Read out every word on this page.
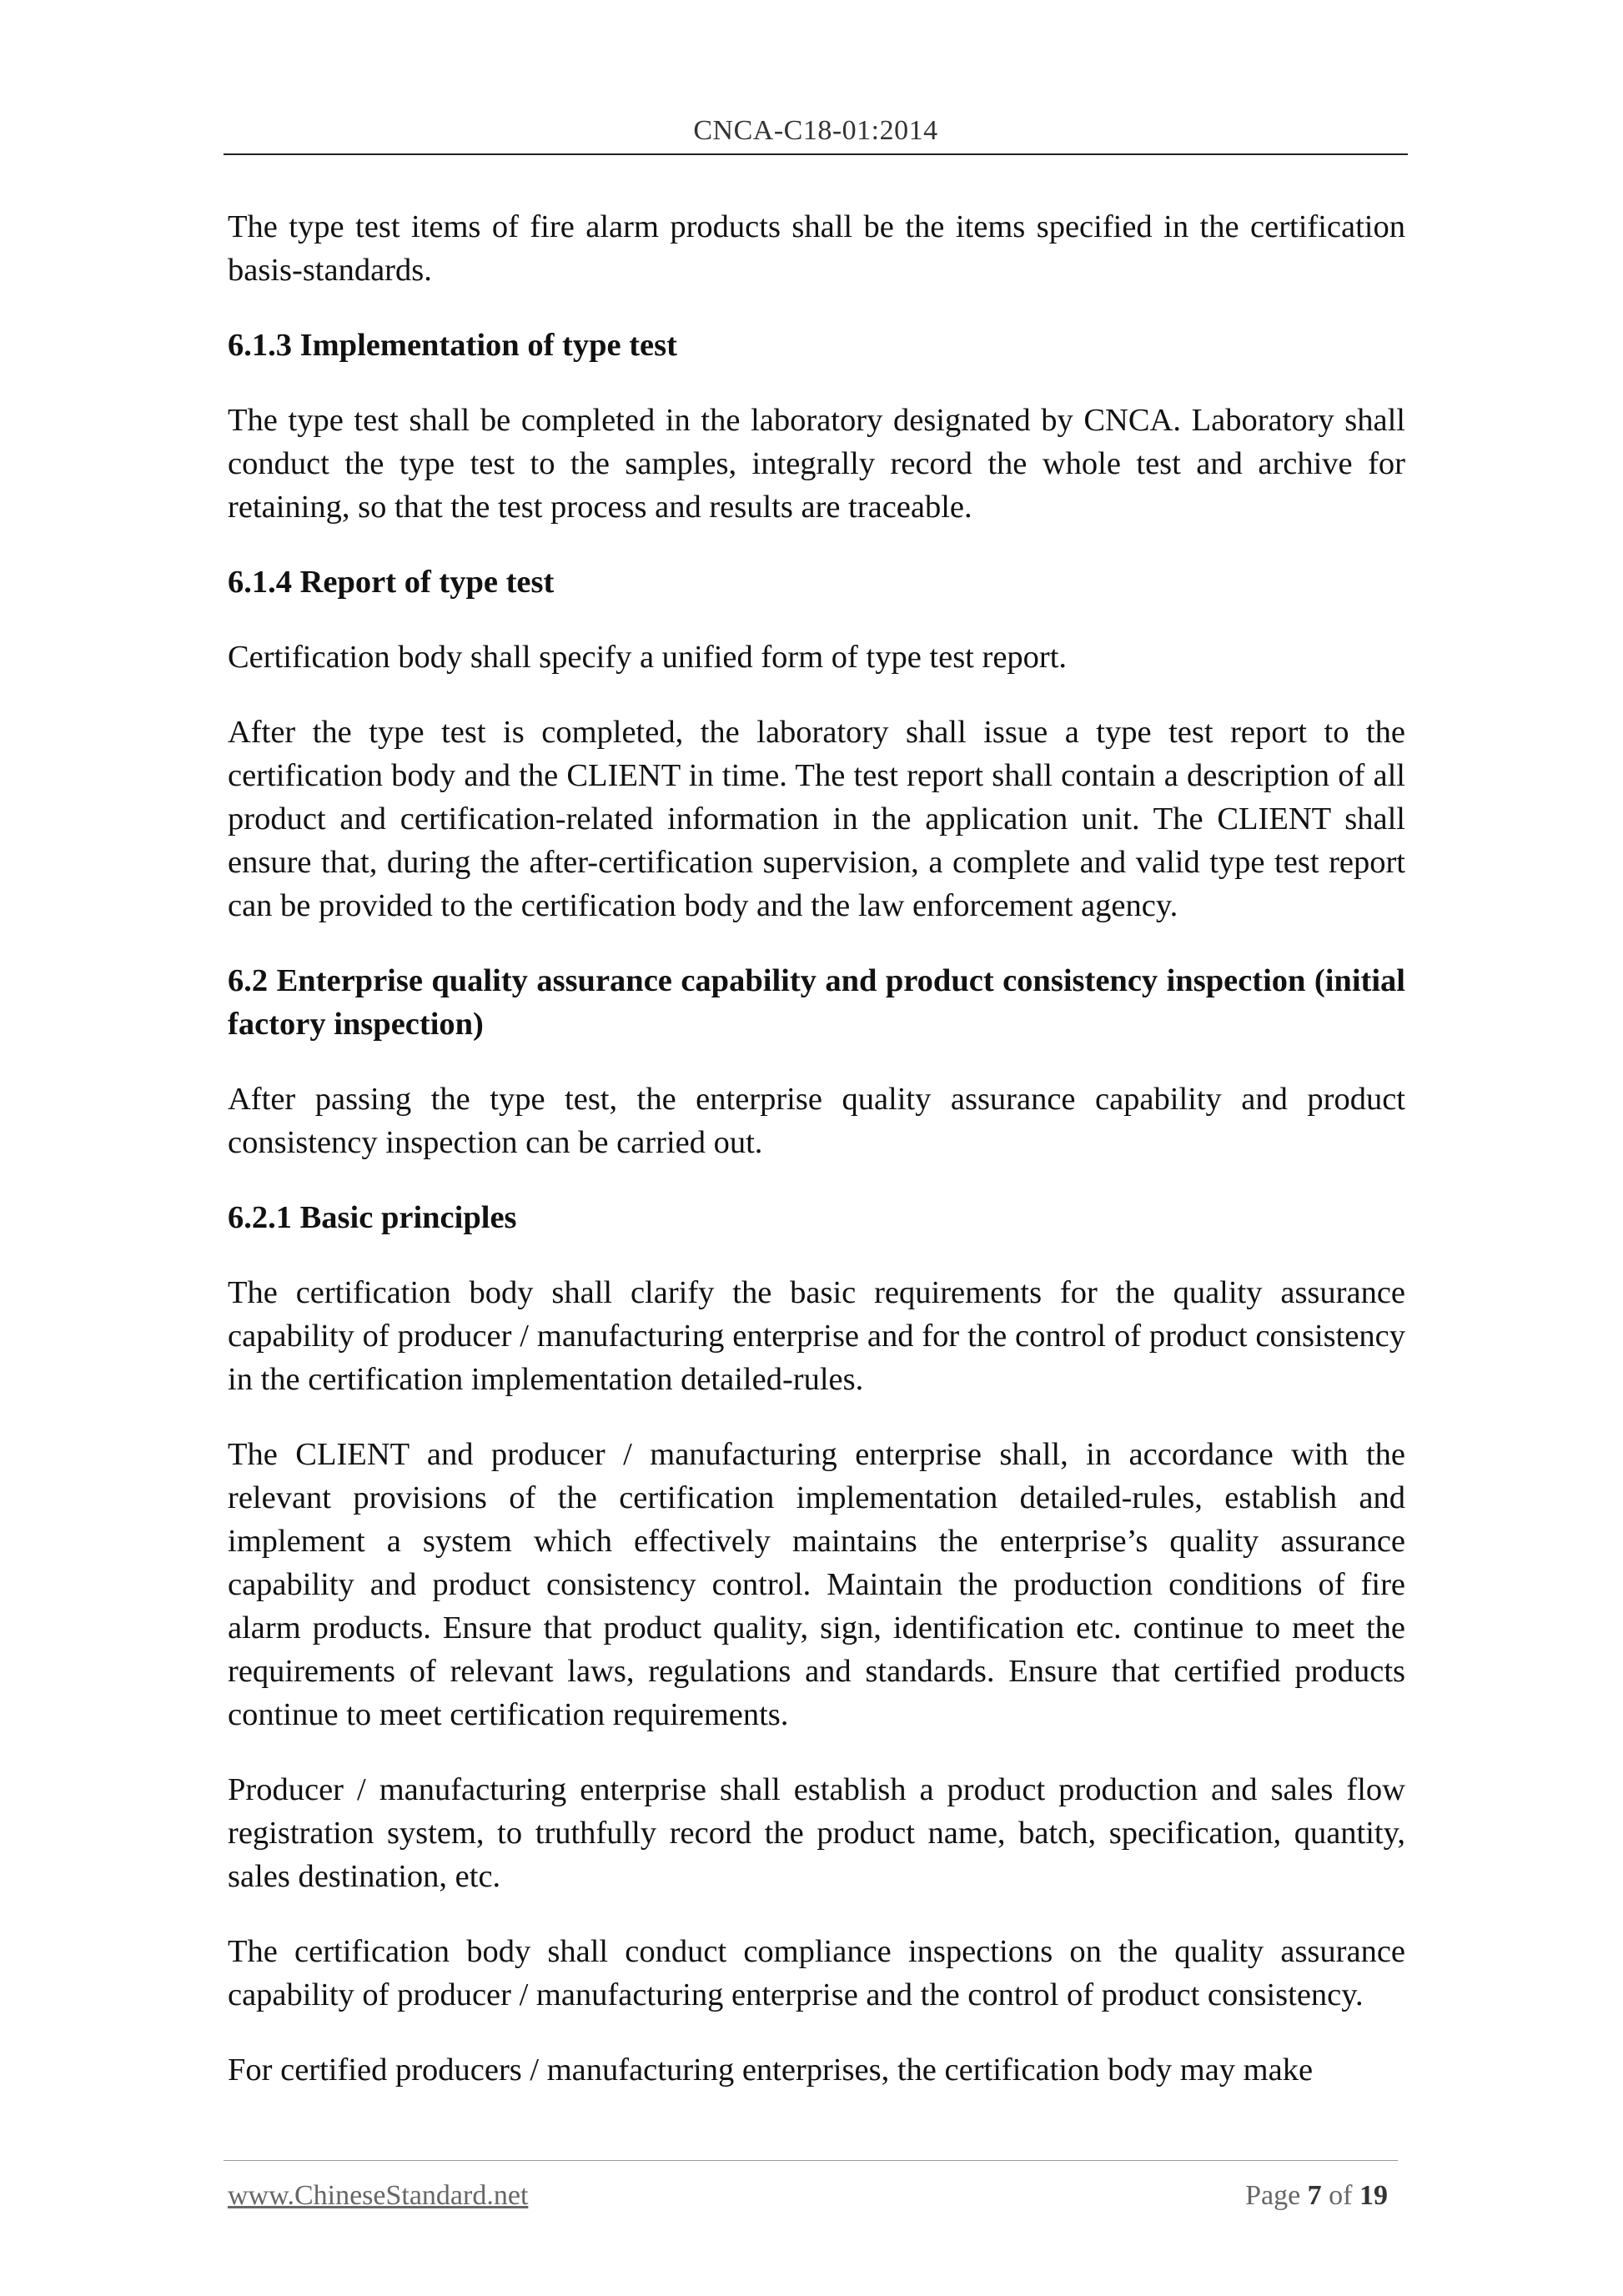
CNCA-C18-01:2014

The type test items of fire alarm products shall be the items specified in the certification basis-standards.

6.1.3 Implementation of type test

The type test shall be completed in the laboratory designated by CNCA. Laboratory shall conduct the type test to the samples, integrally record the whole test and archive for retaining, so that the test process and results are traceable.

6.1.4 Report of type test

Certification body shall specify a unified form of type test report.

After the type test is completed, the laboratory shall issue a type test report to the certification body and the CLIENT in time. The test report shall contain a description of all product and certification-related information in the application unit. The CLIENT shall ensure that, during the after-certification supervision, a complete and valid type test report can be provided to the certification body and the law enforcement agency.

6.2 Enterprise quality assurance capability and product consistency inspection (initial factory inspection)

After passing the type test, the enterprise quality assurance capability and product consistency inspection can be carried out.

6.2.1 Basic principles

The certification body shall clarify the basic requirements for the quality assurance capability of producer / manufacturing enterprise and for the control of product consistency in the certification implementation detailed-rules.

The CLIENT and producer / manufacturing enterprise shall, in accordance with the relevant provisions of the certification implementation detailed-rules, establish and implement a system which effectively maintains the enterprise’s quality assurance capability and product consistency control. Maintain the production conditions of fire alarm products. Ensure that product quality, sign, identification etc. continue to meet the requirements of relevant laws, regulations and standards. Ensure that certified products continue to meet certification requirements.

Producer / manufacturing enterprise shall establish a product production and sales flow registration system, to truthfully record the product name, batch, specification, quantity, sales destination, etc.

The certification body shall conduct compliance inspections on the quality assurance capability of producer / manufacturing enterprise and the control of product consistency.

For certified producers / manufacturing enterprises, the certification body may make

www.ChineseStandard.net	Page 7 of 19
